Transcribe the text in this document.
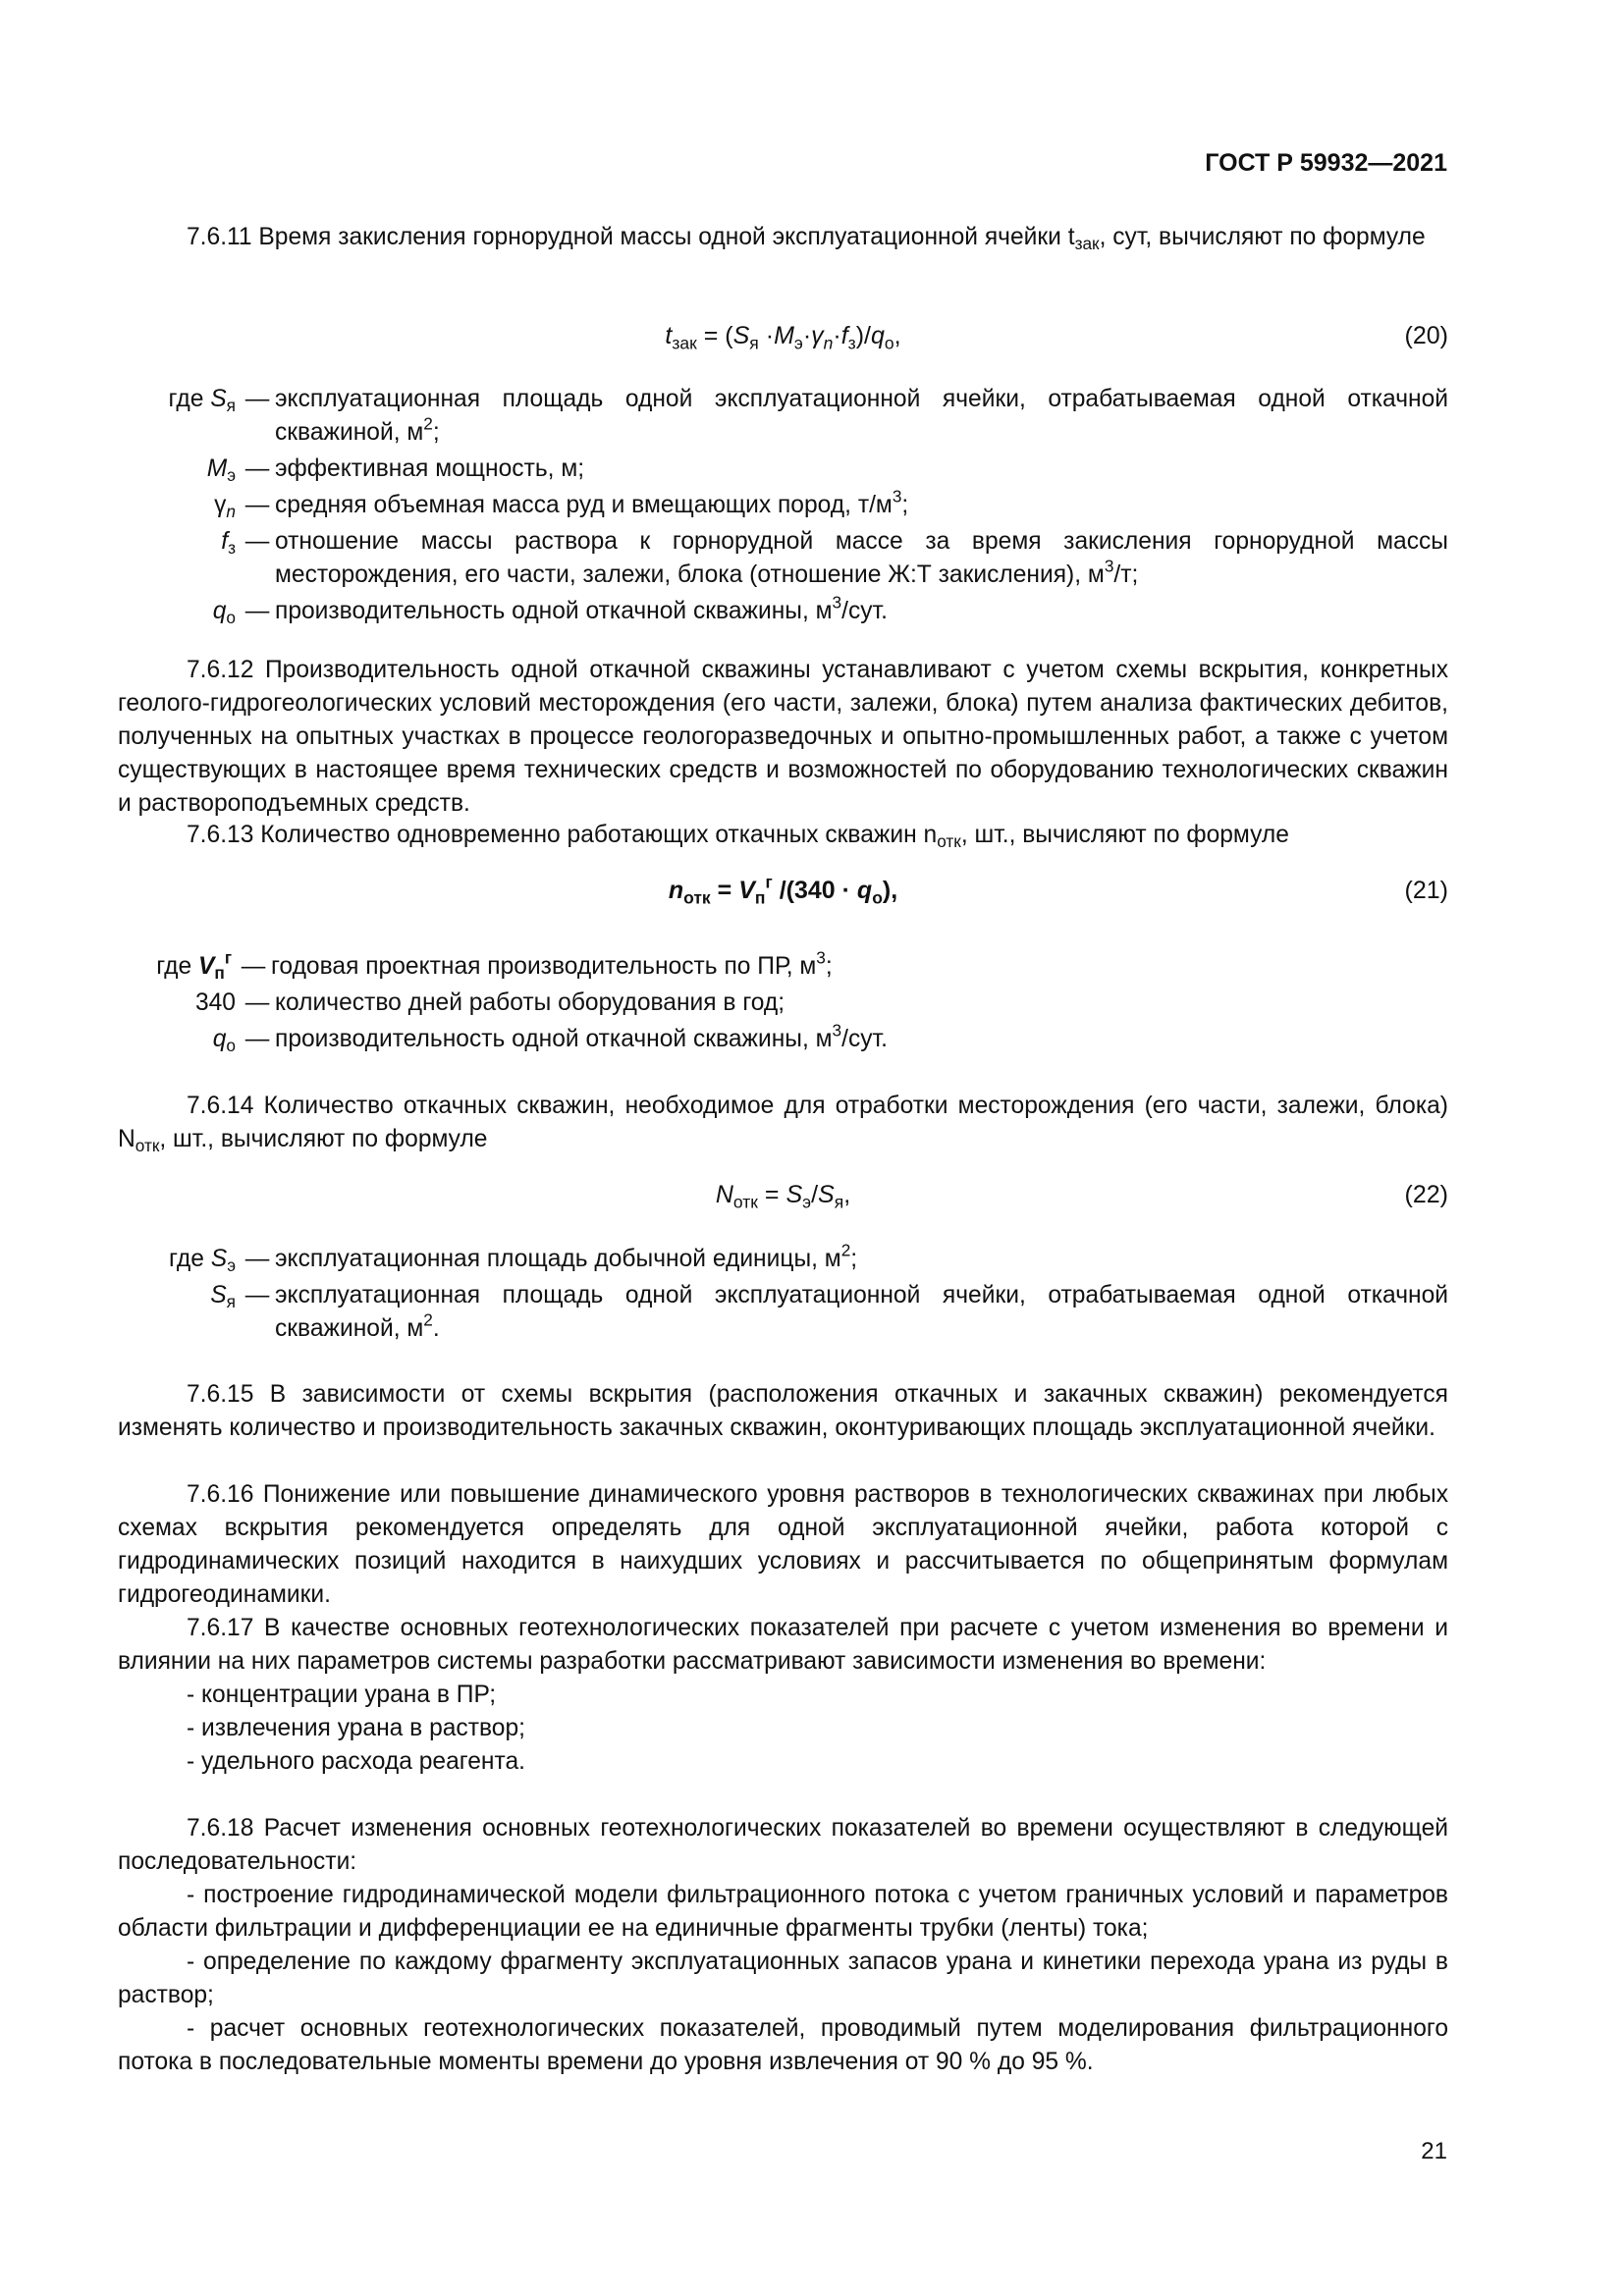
ГОСТ Р 59932—2021
7.6.11 Время закисления горнорудной массы одной эксплуатационной ячейки $t_{зак}$, сут, вычисляют по формуле
$t_{зак} = (S_я \cdot M_э\cdot\gamma_n\cdot f_з)/q_о$,	(20)
где $S_я$ — эксплуатационная площадь одной эксплуатационной ячейки, отрабатываемая одной откачной скважиной, $м^2$;
$M_э$ — эффективная мощность, м;
$\gamma_n$ — средняя объемная масса руд и вмещающих пород, $т/м^3$;
$f_з$ — отношение массы раствора к горнорудной массе за время закисления горнорудной массы месторождения, его части, залежи, блока (отношение Ж:Т закисления), $м^3/т$;
$q_о$ — производительность одной откачной скважины, $м^3$/сут.
7.6.12 Производительность одной откачной скважины устанавливают с учетом схемы вскрытия, конкретных геолого-гидрогеологических условий месторождения (его части, залежи, блока) путем анализа фактических дебитов, полученных на опытных участках в процессе геологоразведочных и опытно-промышленных работ, а также с учетом существующих в настоящее время технических средств и возможностей по оборудованию технологических скважин и раствороподъемных средств.
7.6.13 Количество одновременно работающих откачных скважин $n_{отк}$, шт., вычисляют по формуле
$n_{отк} = V_п^г$ $/(340 \cdot q_о)$,	(21)
где $V_п^г$ — годовая проектная производительность по ПР, $м^3$;
340 — количество дней работы оборудования в год;
$q_о$ — производительность одной откачной скважины, $м^3$/сут.
7.6.14 Количество откачных скважин, необходимое для отработки месторождения (его части, залежи, блока) $N_{отк}$, шт., вычисляют по формуле
$N_{отк} = S_э/S_я$,	(22)
где $S_э$ — эксплуатационная площадь добычной единицы, $м^2$;
$S_я$ — эксплуатационная площадь одной эксплуатационной ячейки, отрабатываемая одной откачной скважиной, $м^2$.
7.6.15 В зависимости от схемы вскрытия (расположения откачных и закачных скважин) рекомендуется изменять количество и производительность закачных скважин, оконтуривающих площадь эксплуатационной ячейки.
7.6.16 Понижение или повышение динамического уровня растворов в технологических скважинах при любых схемах вскрытия рекомендуется определять для одной эксплуатационной ячейки, работа которой с гидродинамических позиций находится в наихудших условиях и рассчитывается по общепринятым формулам гидрогеодинамики.
7.6.17 В качестве основных геотехнологических показателей при расчете с учетом изменения во времени и влиянии на них параметров системы разработки рассматривают зависимости изменения во времени:
- концентрации урана в ПР;
- извлечения урана в раствор;
- удельного расхода реагента.
7.6.18 Расчет изменения основных геотехнологических показателей во времени осуществляют в следующей последовательности:
- построение гидродинамической модели фильтрационного потока с учетом граничных условий и параметров области фильтрации и дифференциации ее на единичные фрагменты трубки (ленты) тока;
- определение по каждому фрагменту эксплуатационных запасов урана и кинетики перехода урана из руды в раствор;
- расчет основных геотехнологических показателей, проводимый путем моделирования фильтрационного потока в последовательные моменты времени до уровня извлечения от 90 % до 95 %.
21
